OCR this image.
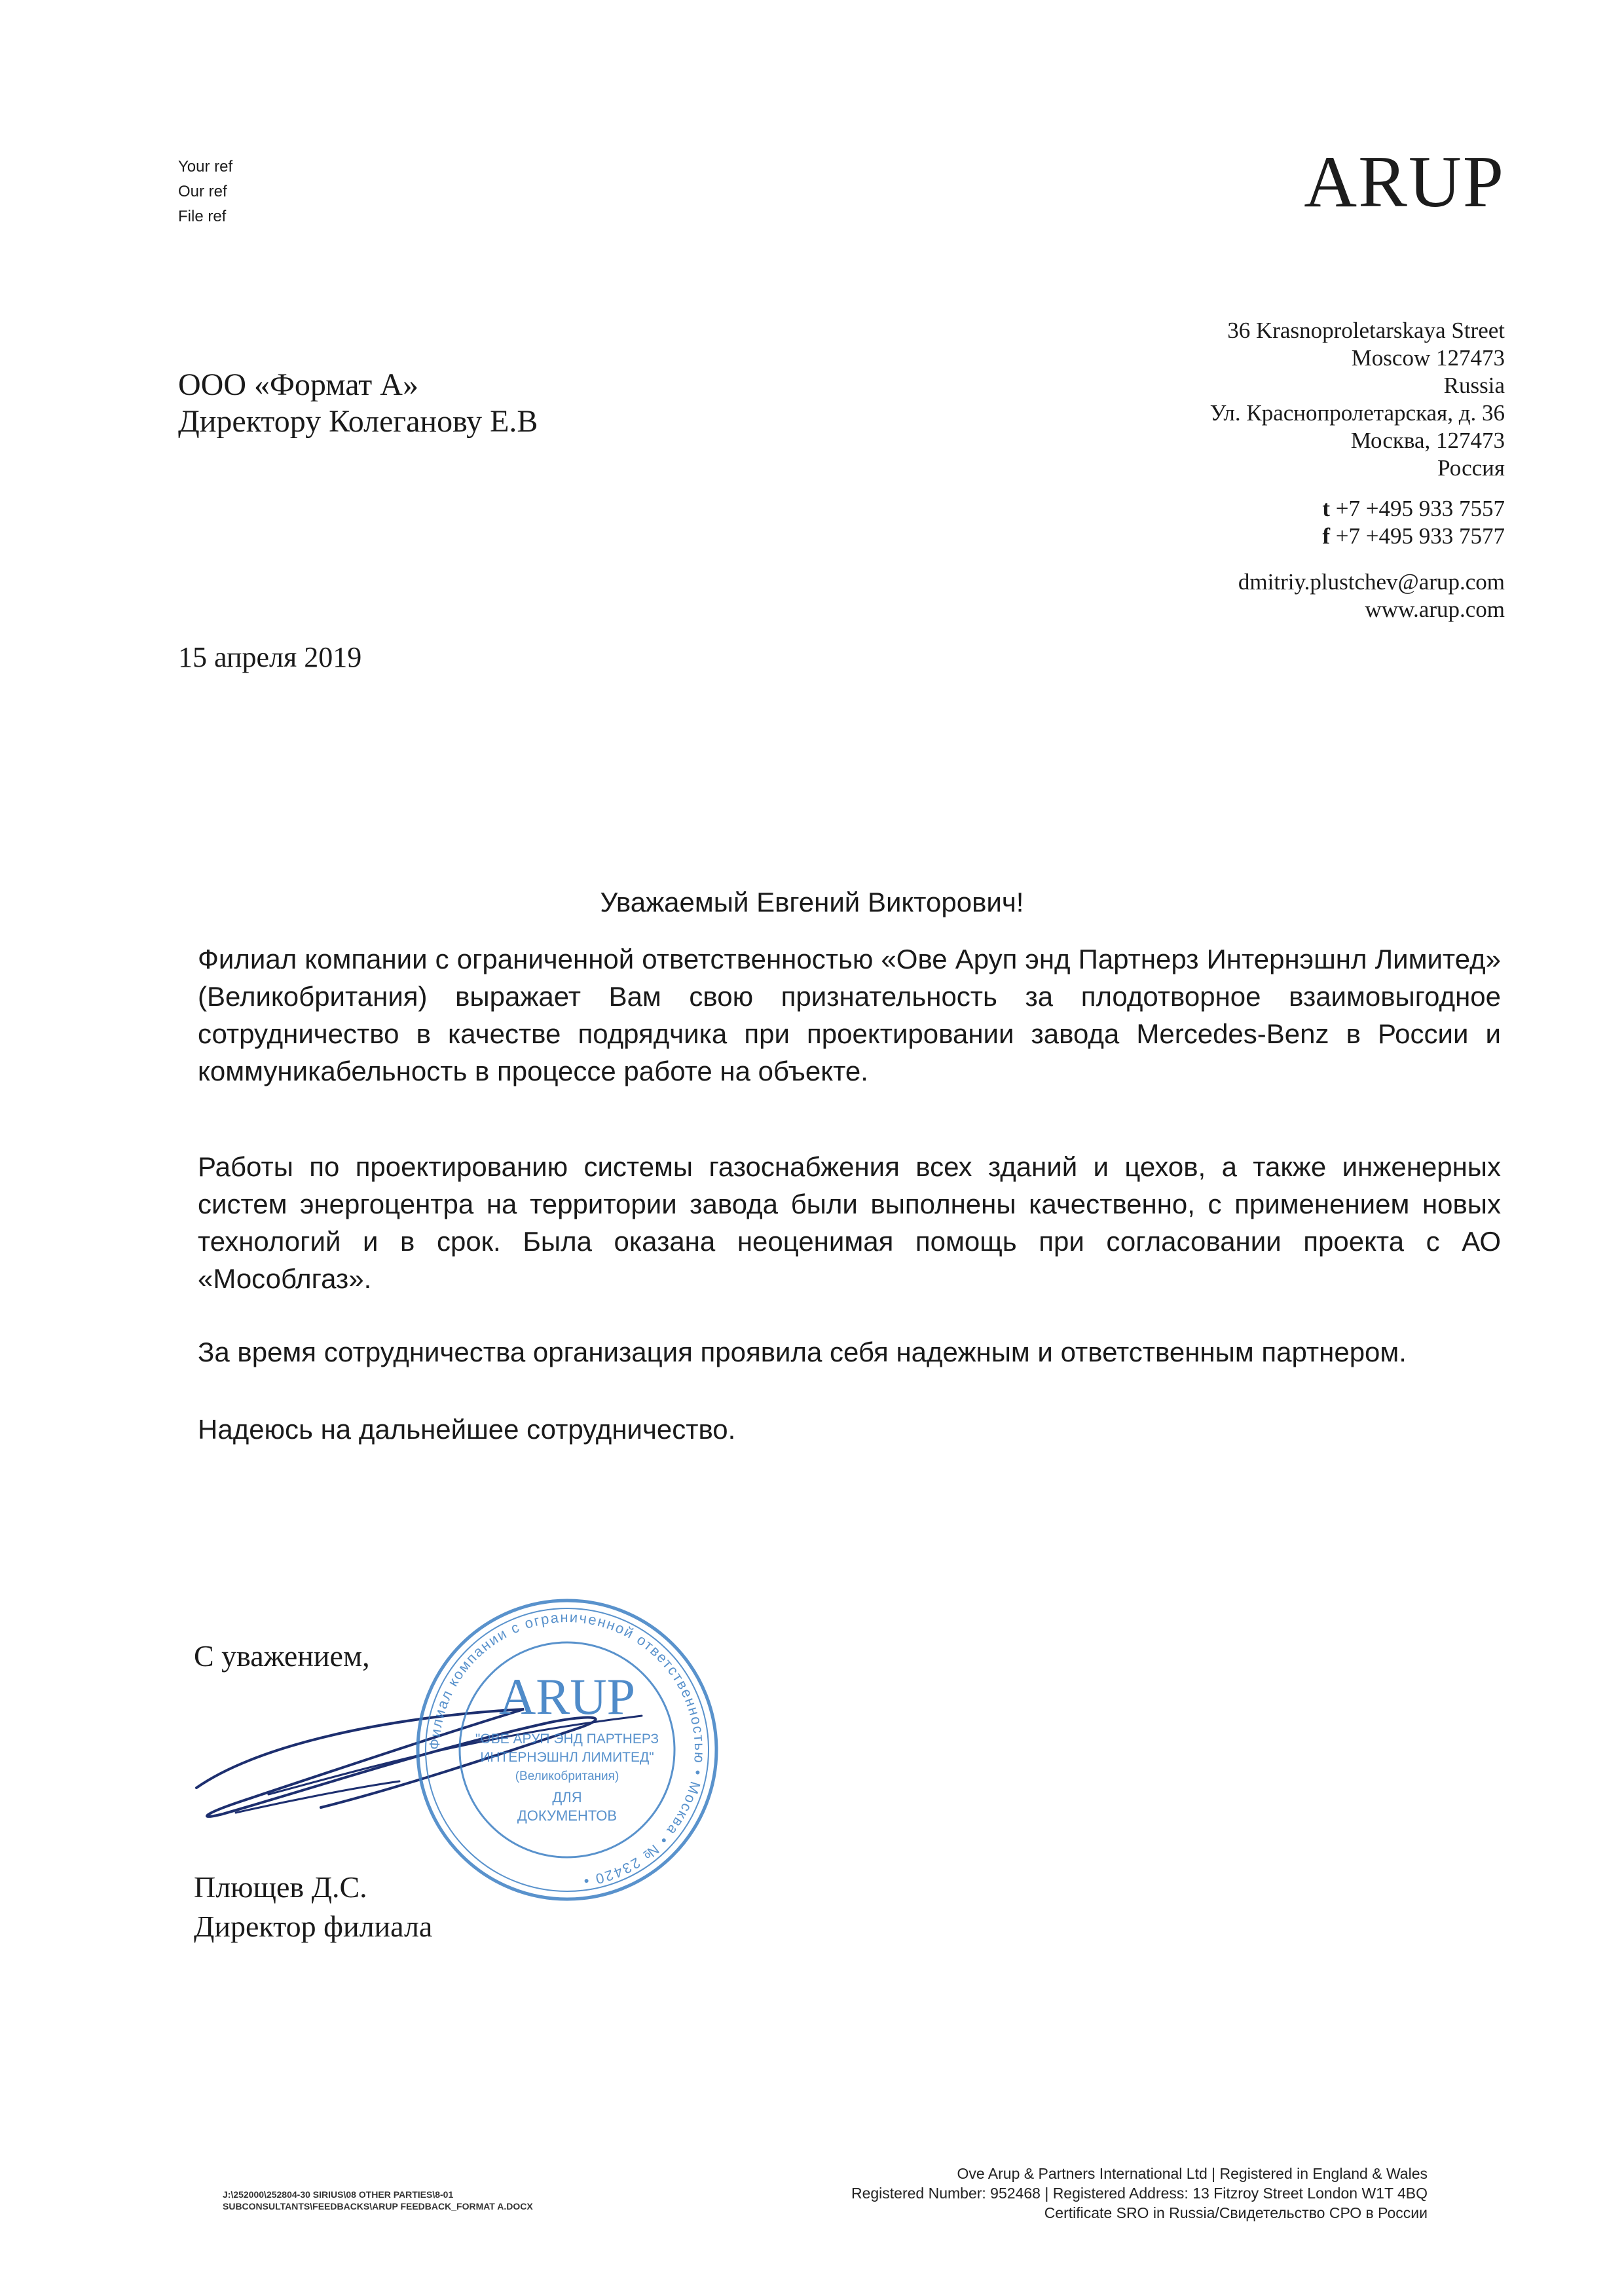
Your ref
Our ref
File ref	ARUP
ООО «Формат А»
Директору Колеганову Е.В
36 Krasnoproletarskaya Street
Moscow 127473
Russia
Ул. Краснопролетарская, д. 36
Москва, 127473
Россия
t +7 +495 933 7557
f +7 +495 933 7577
dmitriy.plustchev@arup.com
www.arup.com
15 апреля 2019
Уважаемый Евгений Викторович!

Филиал компании с ограниченной ответственностью «Ове Аруп энд Партнерз Интернэшнл Лимитед» (Великобритания) выражает Вам свою признательность за плодотворное взаимовыгодное сотрудничество в качестве подрядчика при проектировании завода Mercedes-Benz в России и коммуникабельность в процессе работе на объекте.

Работы по проектированию системы газоснабжения всех зданий и цехов, а также инженерных систем энергоцентра на территории завода были выполнены качественно, с применением новых технологий и в срок. Была оказана неоценимая помощь при согласовании проекта с АО «Мособлгаз».

За время сотрудничества организация проявила себя надежным и ответственным партнером.

Надеюсь на дальнейшее сотрудничество.

С уважением,
Филиал компании с ограниченной ответственностью • Москва • № 23420 •
ARUP
"ОВЕ АРУП ЭНД ПАРТНЕРЗ
ИНТЕРНЭШНЛ ЛИМИТЕД"
(Великобритания)
ДЛЯ
ДОКУМЕНТОВ
Плющев Д.С.
Директор филиала
J:\252000\252804-30 SIRIUS\08 OTHER PARTIES\8-01
SUBCONSULTANTS\FEEDBACKS\ARUP FEEDBACK_FORMAT A.DOCX
Ove Arup & Partners International Ltd | Registered in England & Wales
Registered Number: 952468 | Registered Address: 13 Fitzroy Street London W1T 4BQ
Certificate SRO in Russia/Свидетельство СРО в России
